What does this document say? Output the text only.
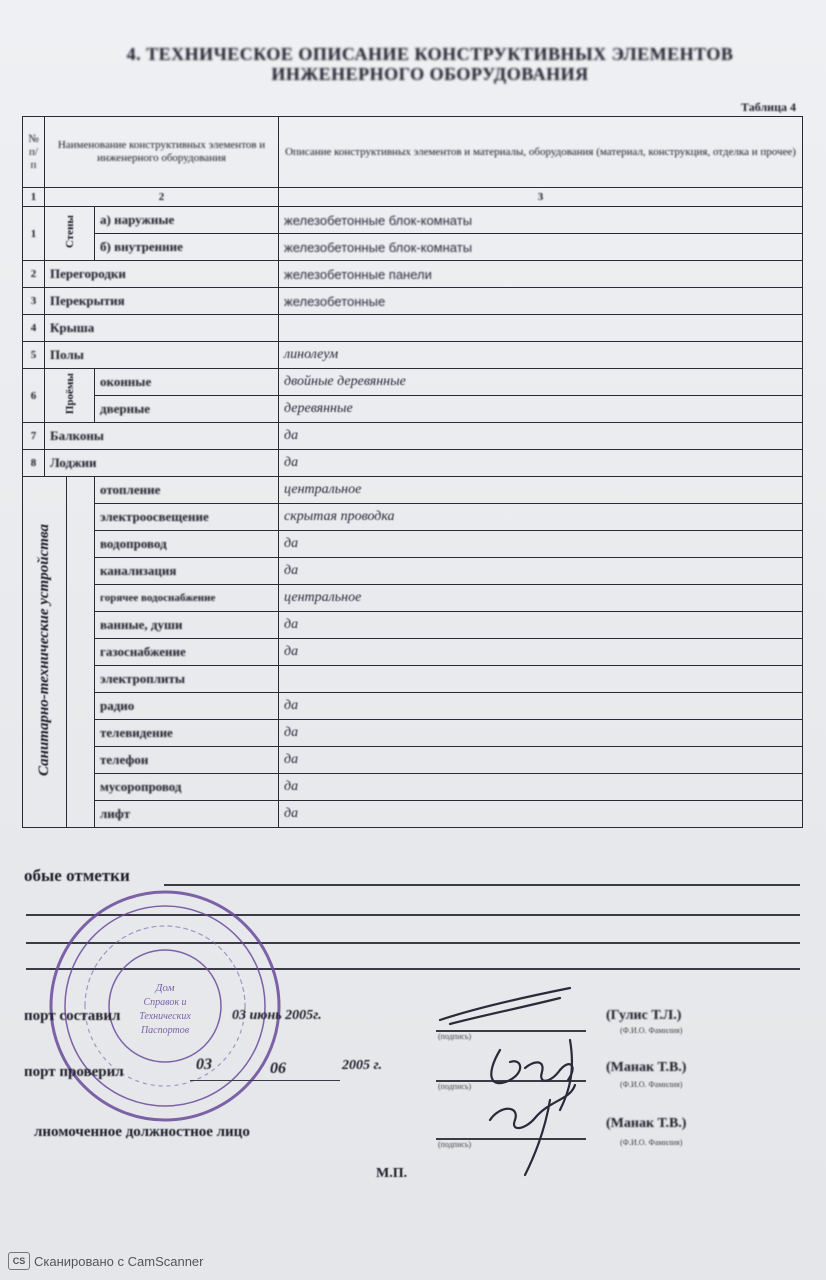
4. ТЕХНИЧЕСКОЕ ОПИСАНИЕ КОНСТРУКТИВНЫХ ЭЛЕМЕНТОВ
ИНЖЕНЕРНОГО ОБОРУДОВАНИЯ
Таблица 4
№ п/п	Наименование конструктивных элементов и инженерного оборудования			Описание конструктивных элементов и материалы, оборудования (материал, конструкция, отделка и прочее)
1	2			3
1	Стены		а) наружные	железобетонные блок-комнаты
			б) внутренние	железобетонные блок-комнаты
2	Перегородки			железобетонные панели
3	Перекрытия			железобетонные
4	Крыша			
5	Полы			линолеум
6	Проёмы		оконные	двойные деревянные
			дверные	деревянные
7	Балконы			да
8	Лоджии			да
Санитарно-технические устройства			отопление	центральное
			электроосвещение	скрытая проводка
			водопровод	да
			канализация	да
			горячее водоснабжение	центральное
			ванные, души	да
			газоснабжение	да
			электроплиты	
			радио	да
			телевидение	да
			телефон	да
			мусоропровод	да
			лифт	да
обые отметки
Дом
Справок и
Технических
Паспортов
порт составил	03 июнь 2005г.
(подпись)
(Гулис Т.Л.)
(Ф.И.О. Фамилия)
порт проверил	03	06	2005 г.
(подпись)
(Манак Т.В.)
(Ф.И.О. Фамилия)
лномоченное должностное лицо
(подпись)
(Манак Т.В.)
(Ф.И.О. Фамилия)
М.П.
CS Сканировано с CamScanner
